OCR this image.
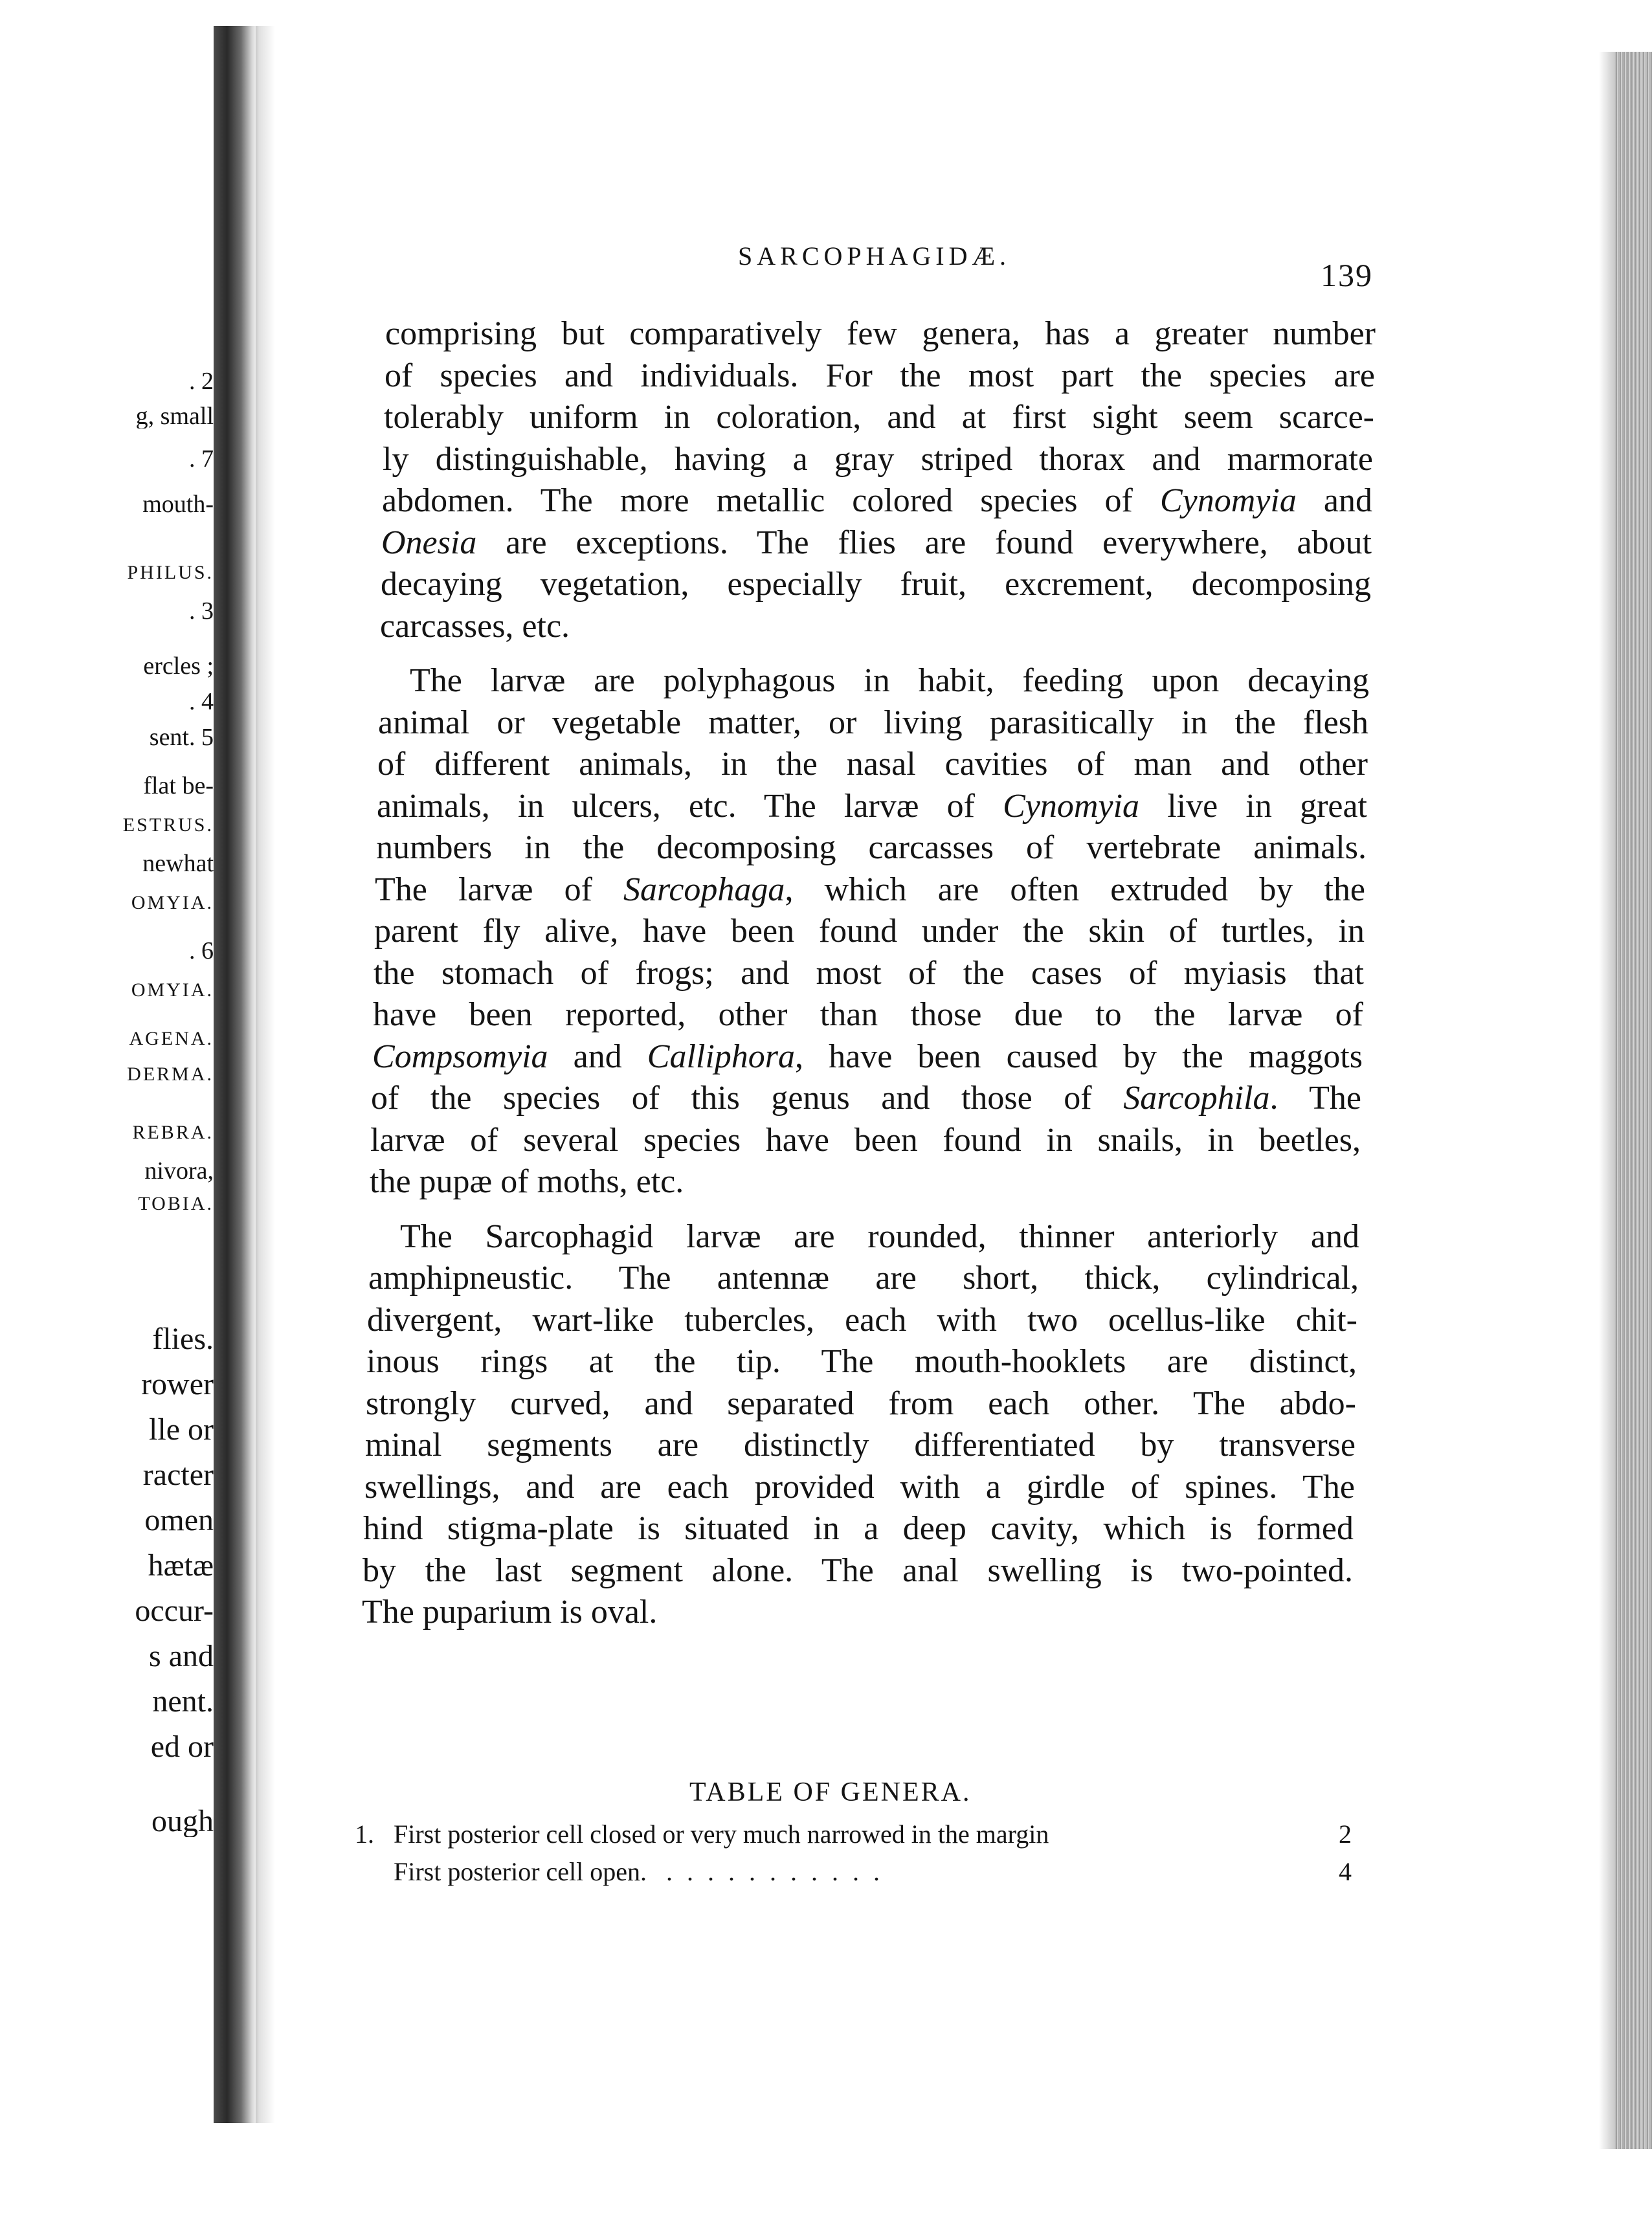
. 2
g, small
. 7
mouth-
PHILUS.
. 3
ercles ;
. 4
sent. 5
flat be-
ESTRUS.
newhat
OMYIA.
. 6
OMYIA.
AGENA.
DERMA.
REBRA.
nivora,
TOBIA.
flies.
rower
lle or
racter
omen
hætæ
occur-
s and
nent.
ed or
ough
SARCOPHAGIDÆ.
139
comprising but comparatively few genera, has a greater number
of species and individuals. For the most part the species are
tolerably uniform in coloration, and at first sight seem scarce-
ly distinguishable, having a gray striped thorax and marmorate
abdomen. The more metallic colored species of Cynomyia and
Onesia are exceptions. The flies are found everywhere, about
decaying vegetation, especially fruit, excrement, decomposing
carcasses, etc.
The larvæ are polyphagous in habit, feeding upon decaying
animal or vegetable matter, or living parasitically in the flesh
of different animals, in the nasal cavities of man and other
animals, in ulcers, etc. The larvæ of Cynomyia live in great
numbers in the decomposing carcasses of vertebrate animals.
The larvæ of Sarcophaga, which are often extruded by the
parent fly alive, have been found under the skin of turtles, in
the stomach of frogs; and most of the cases of myiasis that
have been reported, other than those due to the larvæ of
Compsomyia and Calliphora, have been caused by the maggots
of the species of this genus and those of Sarcophila. The
larvæ of several species have been found in snails, in beetles,
the pupæ of moths, etc.
The Sarcophagid larvæ are rounded, thinner anteriorly and
amphipneustic. The antennæ are short, thick, cylindrical,
divergent, wart-like tubercles, each with two ocellus-like chit-
inous rings at the tip. The mouth-hooklets are distinct,
strongly curved, and separated from each other. The abdo-
minal segments are distinctly differentiated by transverse
swellings, and are each provided with a girdle of spines. The
hind stigma-plate is situated in a deep cavity, which is formed
by the last segment alone. The anal swelling is two-pointed.
The puparium is oval.
TABLE OF GENERA.
1. First posterior cell closed or very much narrowed in the margin	2
First posterior cell open. . . . . . . . . . . .	4
